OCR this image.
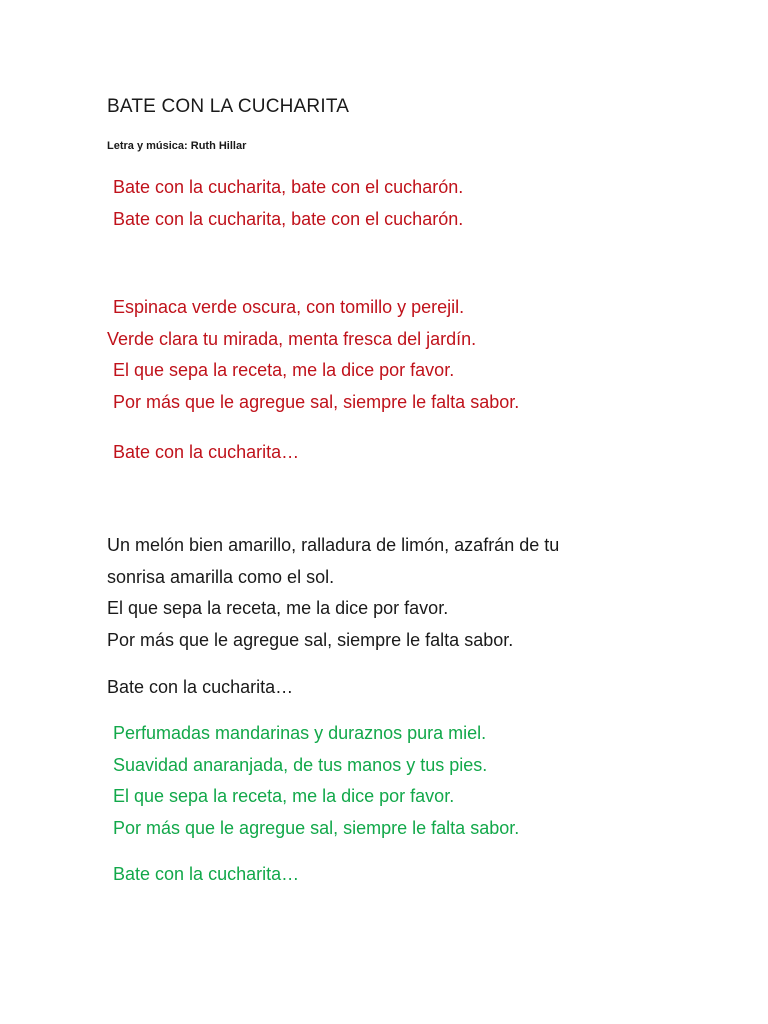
BATE CON LA CUCHARITA

Letra y música: Ruth Hillar

Bate con la cucharita, bate con el cucharón.
Bate con la cucharita, bate con el cucharón.
Espinaca verde oscura, con tomillo y perejil.
Verde clara tu mirada, menta fresca del jardín.
El que sepa la receta, me la dice por favor.
Por más que le agregue sal, siempre le falta sabor.

Bate con la cucharita…

Un melón bien amarillo, ralladura de limón, azafrán de tu
sonrisa amarilla como el sol.
El que sepa la receta, me la dice por favor.
Por más que le agregue sal, siempre le falta sabor.

Bate con la cucharita…

Perfumadas mandarinas y duraznos pura miel.
Suavidad anaranjada, de tus manos y tus pies.
El que sepa la receta, me la dice por favor.
Por más que le agregue sal, siempre le falta sabor.

Bate con la cucharita…
